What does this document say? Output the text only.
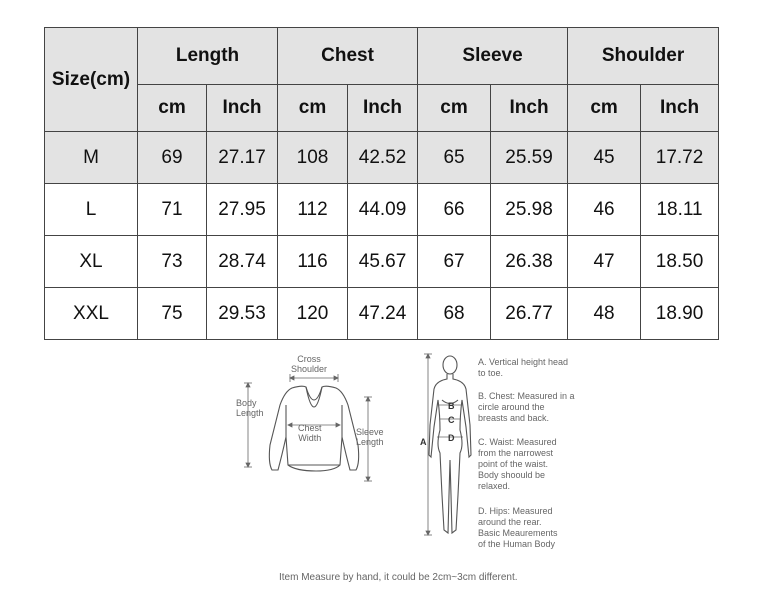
Size(cm)	Length		Chest		Sleeve		Shoulder	
	cm	Inch	cm	Inch	cm	Inch	cm	Inch
M	69	27.17	108	42.52	65	25.59	45	17.72
L	71	27.95	112	44.09	66	25.98	46	18.11
XL	73	28.74	116	45.67	67	26.38	47	18.50
XXL	75	29.53	120	47.24	68	26.77	48	18.90
Cross
Shoulder
Body
Length
Chest
Width
Sleeve
Length	A
B
C
D
A. Vertical height head
to toe.
B. Chest: Measured in a
circle around the
breasts and back.
C. Waist: Measured
from the narrowest
point of the waist.
Body shoould be
relaxed.
D. Hips: Measured
around the rear.
Basic Meaurements
of the Human Body
Item Measure by hand, it could be 2cm~3cm different.
